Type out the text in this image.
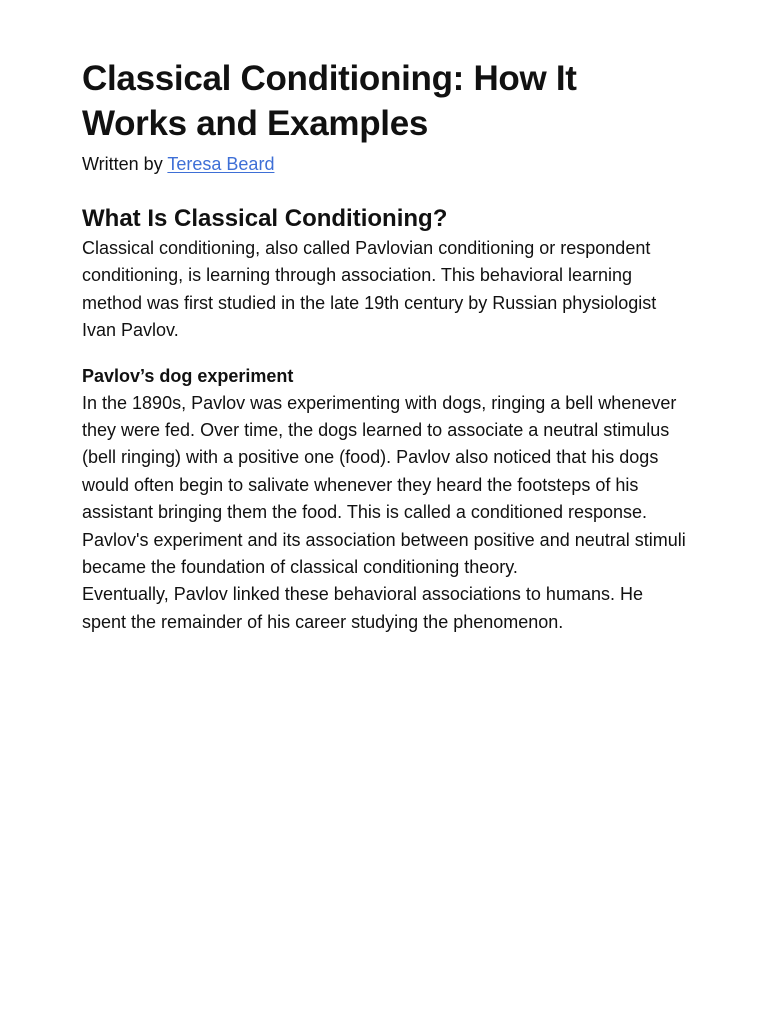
Classical Conditioning: How It Works and Examples

Written by Teresa Beard

What Is Classical Conditioning?

Classical conditioning, also called Pavlovian conditioning or respondent conditioning, is learning through association. This behavioral learning method was first studied in the late 19th century by Russian physiologist Ivan Pavlov.

Pavlov’s dog experiment

In the 1890s, Pavlov was experimenting with dogs, ringing a bell whenever they were fed. Over time, the dogs learned to associate a neutral stimulus (bell ringing) with a positive one (food). Pavlov also noticed that his dogs would often begin to salivate whenever they heard the footsteps of his assistant bringing them the food. This is called a conditioned response. Pavlov's experiment and its association between positive and neutral stimuli became the foundation of classical conditioning theory.

Eventually, Pavlov linked these behavioral associations to humans. He spent the remainder of his career studying the phenomenon.
